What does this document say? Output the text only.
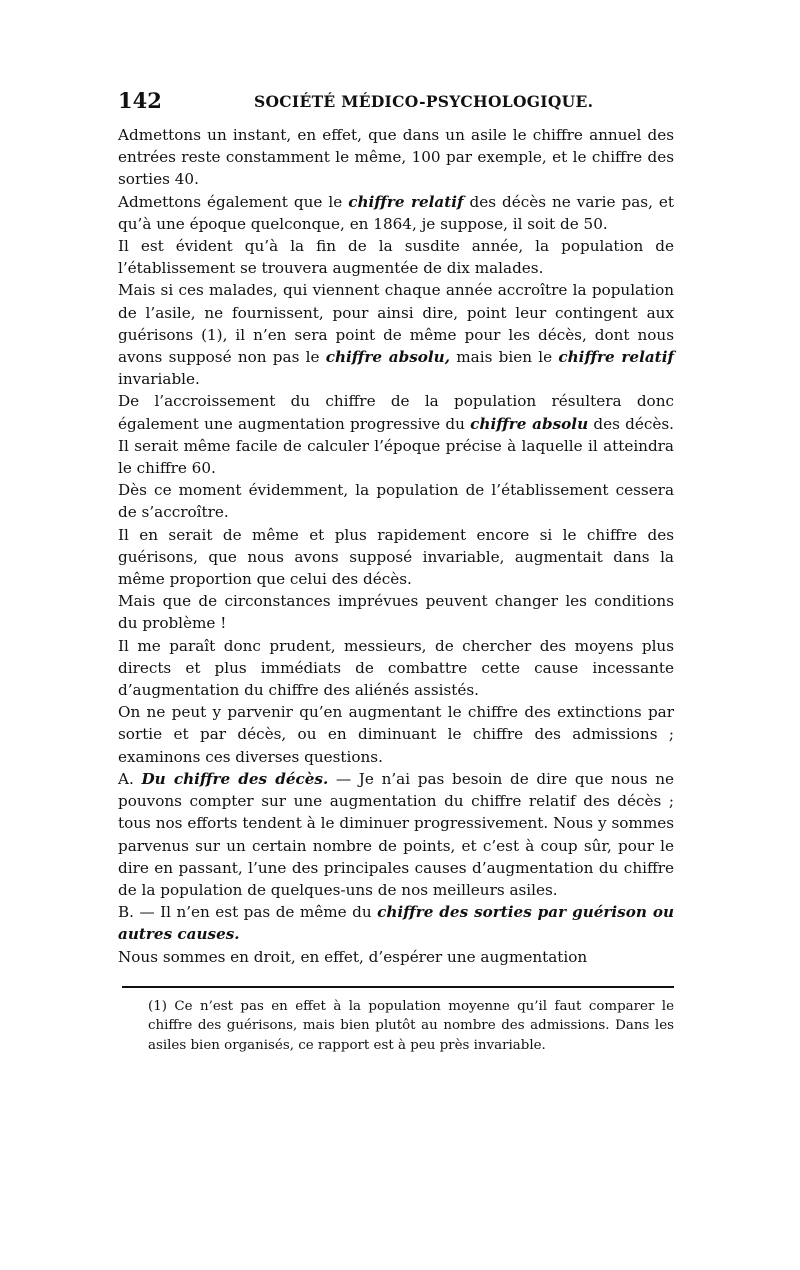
142	SOCIÉTÉ MÉDICO-PSYCHOLOGIQUE.

Admettons un instant, en effet, que dans un asile le chiffre annuel des entrées reste constamment le même, 100 par exemple, et le chiffre des sorties 40.

Admettons également que le chiffre relatif des décès ne varie pas, et qu’à une époque quelconque, en 1864, je suppose, il soit de 50.

Il est évident qu’à la fin de la susdite année, la population de l’établissement se trouvera augmentée de dix malades.

Mais si ces malades, qui viennent chaque année accroître la population de l’asile, ne fournissent, pour ainsi dire, point leur contingent aux guérisons (1), il n’en sera point de même pour les décès, dont nous avons supposé non pas le chiffre absolu, mais bien le chiffre relatif invariable.

De l’accroissement du chiffre de la population résultera donc également une augmentation progressive du chiffre absolu des décès. Il serait même facile de calculer l’époque précise à laquelle il atteindra le chiffre 60.

Dès ce moment évidemment, la population de l’établissement cessera de s’accroître.

Il en serait de même et plus rapidement encore si le chiffre des guérisons, que nous avons supposé invariable, augmentait dans la même proportion que celui des décès.

Mais que de circonstances imprévues peuvent changer les conditions du problème !

Il me paraît donc prudent, messieurs, de chercher des moyens plus directs et plus immédiats de combattre cette cause incessante d’augmentation du chiffre des aliénés assistés.

On ne peut y parvenir qu’en augmentant le chiffre des extinctions par sortie et par décès, ou en diminuant le chiffre des admissions ; examinons ces diverses questions.

A. Du chiffre des décès. — Je n’ai pas besoin de dire que nous ne pouvons compter sur une augmentation du chiffre relatif des décès ; tous nos efforts tendent à le diminuer progressivement. Nous y sommes parvenus sur un certain nombre de points, et c’est à coup sûr, pour le dire en passant, l’une des principales causes d’augmentation du chiffre de la population de quelques-uns de nos meilleurs asiles.

B. — Il n’en est pas de même du chiffre des sorties par guérison ou autres causes.

Nous sommes en droit, en effet, d’espérer une augmentation

(1) Ce n’est pas en effet à la population moyenne qu’il faut comparer le chiffre des guérisons, mais bien plutôt au nombre des admissions. Dans les asiles bien organisés, ce rapport est à peu près invariable.
